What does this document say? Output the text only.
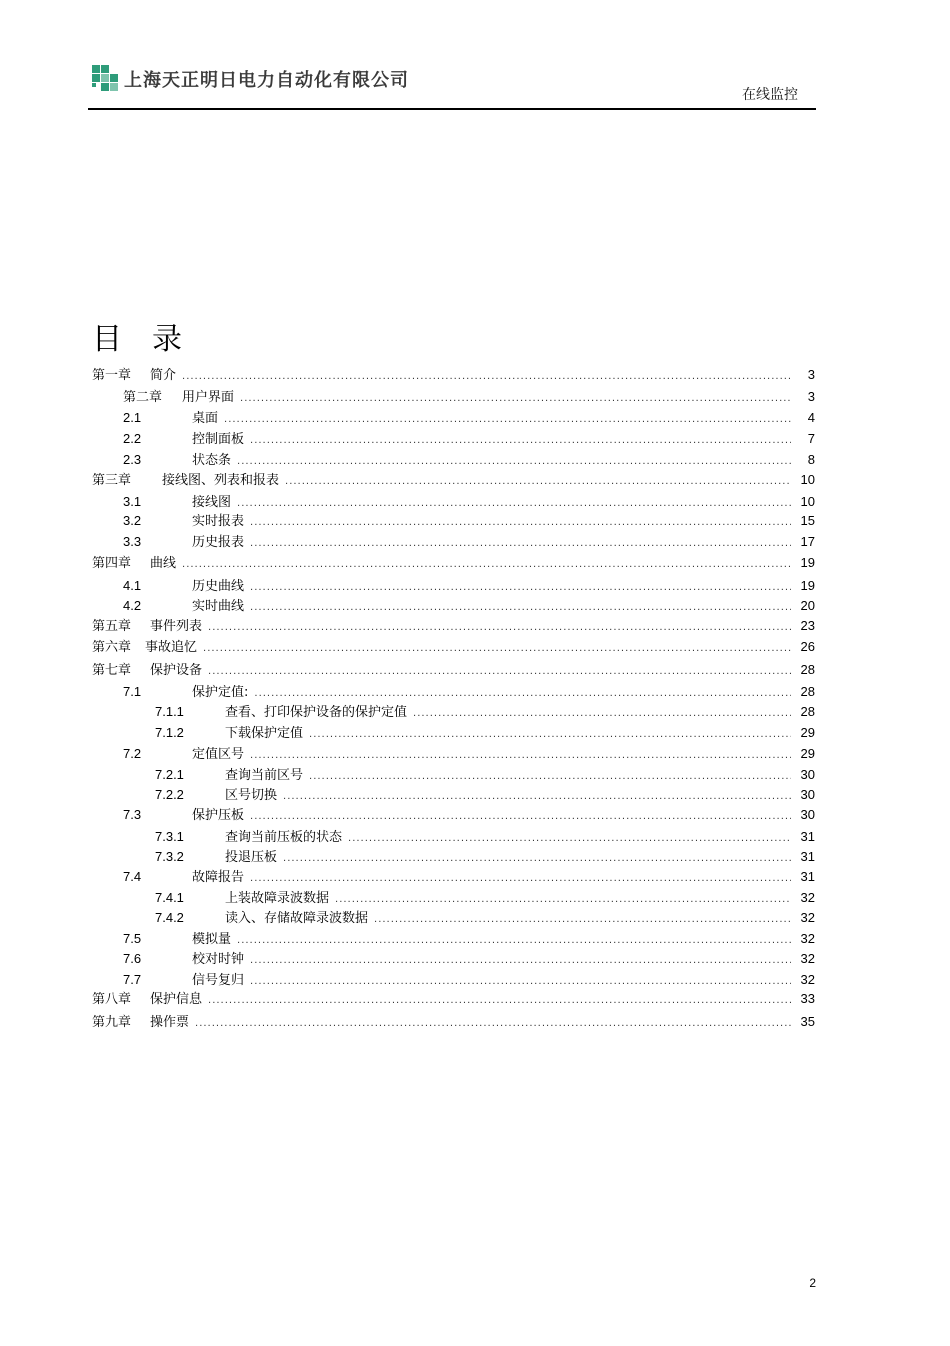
上海天正明日电力自动化有限公司
在线监控
目　录
第一章	简介 .....	3
第二章	用户界面 .....	3
2.1	桌面 .....	4
2.2	控制面板 .....	7
2.3	状态条 .....	8
第三章	接线图、列表和报表 .....	10
3.1	接线图 .....	10
3.2	实时报表 .....	15
3.3	历史报表 .....	17
第四章	曲线 .....	19
4.1	历史曲线 .....	19
4.2	实时曲线 .....	20
第五章	事件列表 .....	23
第六章	事故追忆 .....	26
第七章	保护设备 .....	28
7.1	保护定值: .....	28
7.1.1	查看、打印保护设备的保护定值 .....	28
7.1.2	下载保护定值 .....	29
7.2	定值区号 .....	29
7.2.1	查询当前区号 .....	30
7.2.2	区号切换 .....	30
7.3	保护压板 .....	30
7.3.1	查询当前压板的状态 .....	31
7.3.2	投退压板 .....	31
7.4	故障报告 .....	31
7.4.1	上装故障录波数据 .....	32
7.4.2	读入、存储故障录波数据 .....	32
7.5	模拟量 .....	32
7.6	校对时钟 .....	32
7.7	信号复归 .....	32
第八章	保护信息 .....	33
第九章	操作票 .....	35
2
